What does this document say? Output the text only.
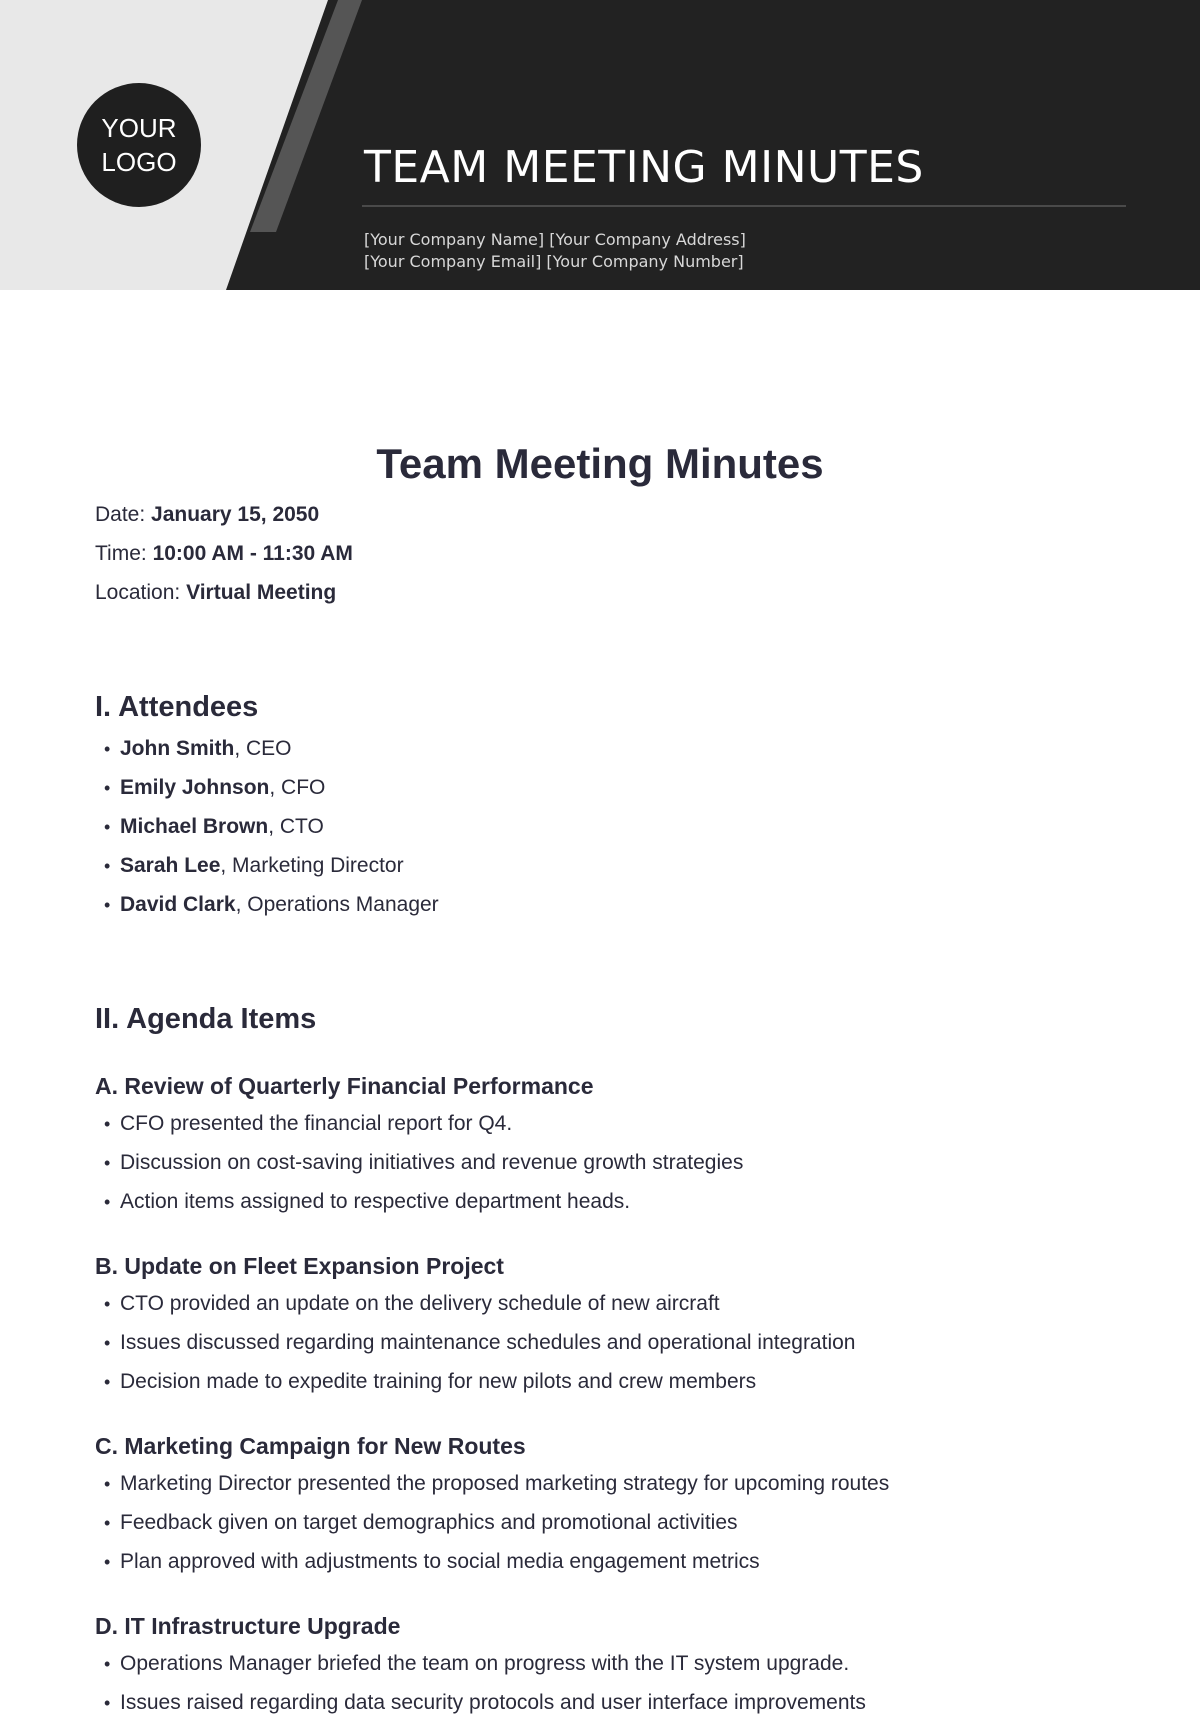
YOUR
LOGO	TEAM MEETING MINUTES
[Your Company Name] [Your Company Address]
[Your Company Email] [Your Company Number]
Team Meeting Minutes
Date: January 15, 2050
Time: 10:00 AM - 11:30 AM
Location: Virtual Meeting
I. Attendees
• John Smith, CEO
• Emily Johnson, CFO
• Michael Brown, CTO
• Sarah Lee, Marketing Director
• David Clark, Operations Manager
II. Agenda Items
A. Review of Quarterly Financial Performance
• CFO presented the financial report for Q4.
• Discussion on cost-saving initiatives and revenue growth strategies
• Action items assigned to respective department heads.
B. Update on Fleet Expansion Project
• CTO provided an update on the delivery schedule of new aircraft
• Issues discussed regarding maintenance schedules and operational integration
• Decision made to expedite training for new pilots and crew members
C. Marketing Campaign for New Routes
• Marketing Director presented the proposed marketing strategy for upcoming routes
• Feedback given on target demographics and promotional activities
• Plan approved with adjustments to social media engagement metrics
D. IT Infrastructure Upgrade
• Operations Manager briefed the team on progress with the IT system upgrade.
• Issues raised regarding data security protocols and user interface improvements
